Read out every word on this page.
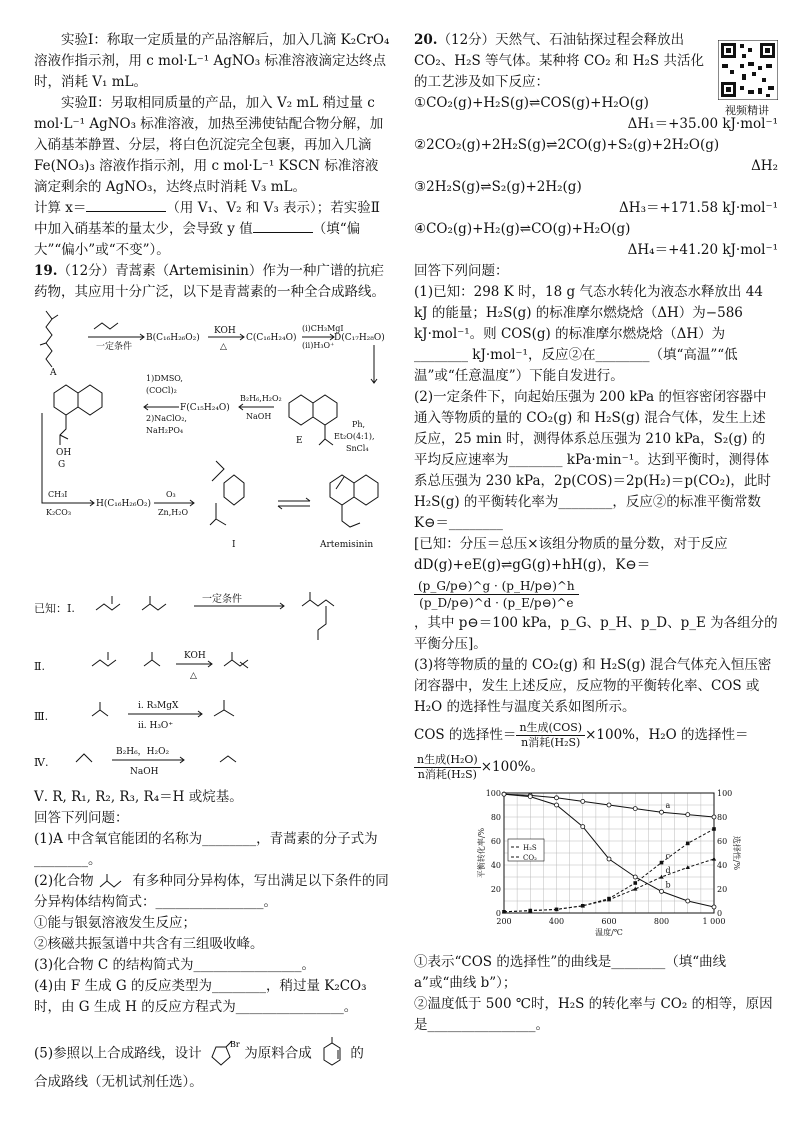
实验Ⅰ：称取一定质量的产品溶解后，加入几滴 K₂CrO₄ 溶液作指示剂，用 c mol·L⁻¹ AgNO₃ 标准溶液滴定达终点时，消耗 V₁ mL。

实验Ⅱ：另取相同质量的产品，加入 V₂ mL 稍过量 c mol·L⁻¹ AgNO₃ 标准溶液，加热至沸使钴配合物分解，加入硝基苯静置、分层，将白色沉淀完全包裹，再加入几滴 Fe(NO₃)₃ 溶液作指示剂，用 c mol·L⁻¹ KSCN 标准溶液滴定剩余的 AgNO₃，达终点时消耗 V₃ mL。

计算 x＝	（用 V₁、V₂ 和 V₃ 表示）；若实验Ⅱ中加入硝基苯的量太少，会导致 y 值	（填“偏大”“偏小”或“不变”）。

19.（12分）青蒿素（Artemisinin）作为一种广谱的抗疟药物，其应用十分广泛，以下是青蒿素的一种全合成路线。

A
一定条件
B(C₁₆H₂₆O₂)
KOH
△
C(C₁₆H₂₄O)
(i)CH₃MgI
(ii)H₃O⁺
D(C₁₇H₂₈O)
Ph,
Et₂O(4:1),
SnCl₄
E
B₂H₆,H₂O₂
NaOH
F(C₁₅H₂₄O)
1)DMSO,
(COCl)₂
2)NaClO₂,
NaH₂PO₄
OH
G
CH₃I
K₂CO₃
H(C₁₆H₂₆O₂)
O₃
Zn,H₂O
I	Artemisinin

已知：Ⅰ.
一定条件
Ⅱ.
KOH
△
Ⅲ.
ⅰ. R₃MgX
ⅱ. H₃O⁺
Ⅳ.
B₂H₆，H₂O₂
NaOH

Ⅴ. R, R₁, R₂, R₃, R₄＝H 或烷基。

回答下列问题：

(1)A 中含氧官能团的名称为________，青蒿素的分子式为________。

(2)化合物	有多种同分异构体，写出满足以下条件的同分异构体结构简式：________________。

①能与银氨溶液发生反应；

②核磁共振氢谱中共含有三组吸收峰。

(3)化合物 C 的结构简式为________________。

(4)由 F 生成 G 的反应类型为________，稍过量 K₂CO₃ 时，由 G 生成 H 的反应方程式为________________。

(5)参照以上合成路线，设计
Br
为原料合成	的

合成路线（无机试剂任选）。

视频精讲

20.（12分）天然气、石油钻探过程会释放出 CO₂、H₂S 等气体。某种将 CO₂ 和 H₂S 共活化的工艺涉及如下反应：

①CO₂(g)+H₂S(g)⇌COS(g)+H₂O(g)

ΔH₁＝+35.00 kJ·mol⁻¹

②2CO₂(g)+2H₂S(g)⇌2CO(g)+S₂(g)+2H₂O(g)

ΔH₂

③2H₂S(g)⇌S₂(g)+2H₂(g)

ΔH₃＝+171.58 kJ·mol⁻¹

④CO₂(g)+H₂(g)⇌CO(g)+H₂O(g)

ΔH₄＝+41.20 kJ·mol⁻¹

回答下列问题：

(1)已知：298 K 时，18 g 气态水转化为液态水释放出 44 kJ 的能量；H₂S(g) 的标准摩尔燃烧焓（ΔH）为−586 kJ·mol⁻¹。则 COS(g) 的标准摩尔燃烧焓（ΔH）为________ kJ·mol⁻¹，反应②在________（填“高温”“低温”或“任意温度”）下能自发进行。

(2)一定条件下，向起始压强为 200 kPa 的恒容密闭容器中通入等物质的量的 CO₂(g) 和 H₂S(g) 混合气体，发生上述反应，25 min 时，测得体系总压强为 210 kPa，S₂(g) 的平均反应速率为________ kPa·min⁻¹。达到平衡时，测得体系总压强为 230 kPa，2p(COS)＝2p(H₂)＝p(CO₂)，此时 H₂S(g) 的平衡转化率为________，反应②的标准平衡常数 K⊖＝________

[已知：分压＝总压×该组分物质的量分数，对于反应 dD(g)+eE(g)⇌gG(g)+hH(g)，K⊖＝

$\frac{(p\_G/p⊖)\^{}g \cdot (p\_H/p⊖)\^{}h}{(p\_D/p⊖)\^{}d \cdot (p\_E/p⊖)\^{}e}$

，其中 p⊖＝100 kPa，p_G、p_H、p_D、p_E 为各组分的平衡分压]。

(3)将等物质的量的 CO₂(g) 和 H₂S(g) 混合气体充入恒压密闭容器中，发生上述反应，反应物的平衡转化率、COS 或 H₂O 的选择性与温度关系如图所示。

COS 的选择性＝ n生成(COS)
n消耗(H₂S) ×100%，H₂O 的选择性＝
n生成(H₂O)
n消耗(H₂S) ×100%。
200	400	600	800	1 000
0
20
40
60
80
100
0
20
40
60
80
100
温度/℃
平衡转化率/%	选择性/%
a
b
c
d
H₂S
CO₂

①表示“COS 的选择性”的曲线是________（填“曲线 a”或“曲线 b”）；

②温度低于 500 ℃时，H₂S 的转化率与 CO₂ 的相等，原因是________________。
